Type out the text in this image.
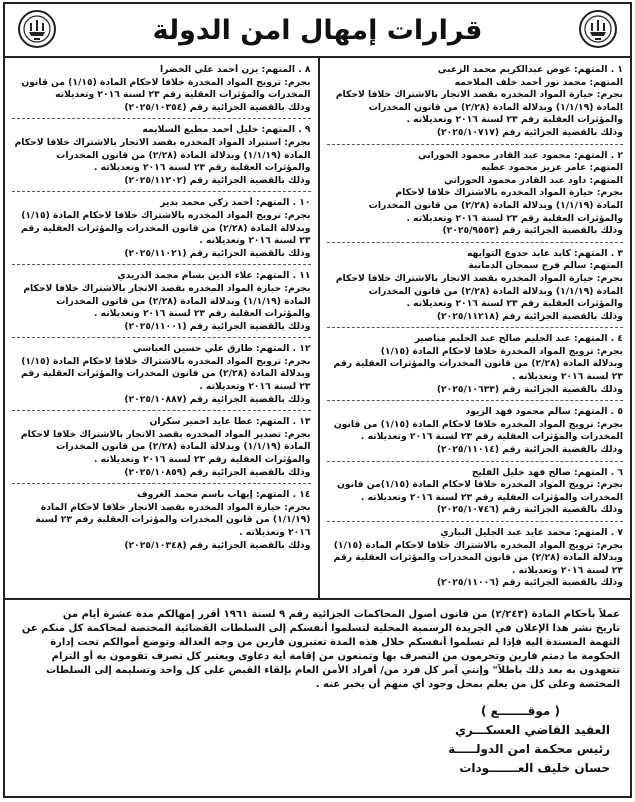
قرارات إمهال امن الدولة
١ . المتهم: عوض عبدالكريم محمد الزعبي
المتهم: محمد نور أحمد خلف الملاحمه
بجرم: حيازة المواد المخدره بقصد الاتجار بالاشتراك خلافا لاحكام
المادة (١/١/١٩) وبدلالة المادة (٢/٢٨) من قانون المخدرات
والمؤثرات العقلية رقم ٢٣ لسنة ٢٠١٦ وتعديلاته .
وذلك بالقضية الجزائية رقم (٢٠٢٥/١٠٧١٧)
٢ . المتهم: محمود عبد القادر محمود الحوراني
المتهم: عامر عزيز محمود عطيه
المتهم: داود عبد القادر محمود الحوراني
بجرم: حيازة المواد المخدره بالاشتراك خلافا لاحكام
المادة (١/١/١٩) وبدلالة المادة (٢/٢٨) من قانون المخدرات
والمؤثرات العقلية رقم ٢٣ لسنة ٢٠١٦ وتعديلاته .
وذلك بالقضية الجزائية رقم (٢٠٢٥/٩٥٥٣)
٣ . المتهم: كايد عايد جدوع التوايهه
المتهم: سالم فرج سمحان الدمانية
بجرم: حيازة المواد المخدره بقصد الاتجار بالاشتراك خلافا لاحكام
المادة (١/١/١٩) وبدلالة المادة (٢/٢٨) من قانون المخدرات
والمؤثرات العقلية رقم ٢٣ لسنة ٢٠١٦ وتعديلاته .
وذلك بالقضية الجزائية رقم (٢٠٢٥/١١٢١٨)
٤ . المتهم: عبد الحليم صالح عبد الحليم مناصير
بجرم: ترويج المواد المخدرة خلافا لاحكام المادة (١/١٥)
وبدلالة المادة (٢/٢٨) من قانون المخدرات والمؤثرات العقلية رقم
٢٣ لسنة ٢٠١٦ وتعديلاته .
وذلك بالقضية الجزائية رقم (٢٠٢٥/١٠٦٣٣)
٥ . المتهم: سالم محمود فهد الزيود
بجرم: ترويج المواد المخدره خلافا لاحكام المادة (١/١٥) من قانون
المخدرات والمؤثرات العقلية رقم ٢٣ لسنة ٢٠١٦ وتعديلاته .
وذلك بالقضية الجزائية رقم (٢٠٢٥/١١٠١٤)
٦ . المتهم: صالح فهد خليل الفليح
بجرم: ترويج المواد المخدره خلافا لاحكام المادة (١/١٥)من قانون
المخدرات والمؤثرات العقلية رقم ٢٣ لسنة ٢٠١٦ وتعديلاته .
وذلك بالقضية الجزائية رقم (٢٠٢٥/١٠٧٤٦)
٧ . المتهم: محمد عايد عبد الجليل البياري
بجرم: ترويج المواد المخدره بالاشتراك خلافا لاحكام المادة (١/١٥)
وبدلالة المادة (٢/٢٨) من قانون المخدرات والمؤثرات العقلية رقم
٢٣ لسنة ٢٠١٦ وتعديلاته .
وذلك بالقضية الجزائية رقم (٢٠٢٥/١١٠٠٦)
٨ . المتهم: يزن أحمد علي الخضرا
بجرم: ترويج المواد المخدرة خلافا لاحكام المادة (١/١٥) من قانون
المخدرات والمؤثرات العقلية رقم ٢٣ لسنة ٢٠١٦ وتعديلاته
وذلك بالقضية الجزائية رقم (٢٠٢٥/١٠٣٥٤)
٩ . المتهم: خليل أحمد مطيع السلايمه
بجرم: استيراد المواد المخدره بقصد الاتجار بالاشتراك خلافا لاحكام
المادة (١/١/١٩) وبدلالة المادة (٢/٢٨) من قانون المخدرات
والمؤثرات العقلية رقم ٢٣ لسنة ٢٠١٦ وتعديلاته .
وذلك بالقضية الجزائية رقم (٢٠٢٥/١١٢٠٢)
١٠ . المتهم: أحمد زكي محمد بدير
بجرم: ترويج المواد المخدره بالاشتراك خلافا لاحكام المادة (١/١٥)
وبدلالة المادة (٢/٢٨) من قانون المخدرات والمؤثرات العقلية رقم
٢٣ لسنة ٢٠١٦ وتعديلاته .
وذلك بالقضية الجزائية رقم (٢٠٢٥/١١٠٢١)
١١ . المتهم: علاء الدين بسام محمد الدريدي
بجرم: حيازة المواد المخدره بقصد الاتجار بالاشتراك خلافا لاحكام
المادة (١/١/١٩) وبدلالة المادة (٢/٢٨) من قانون المخدرات
والمؤثرات العقلية رقم ٢٣ لسنة ٢٠١٦ وتعديلاته .
وذلك بالقضية الجزائية رقم (٢٠٢٥/١١٠٠١)
١٢ . المتهم: طارق علي حسين العباسي
بجرم: ترويج المواد المخدره بالاشتراك خلافا لاحكام المادة (١/١٥)
وبدلالة المادة (٢/٢٨) من قانون المخدرات والمؤثرات العقلية رقم
٢٣ لسنة ٢٠١٦ وتعديلاته .
وذلك بالقضية الجزائية رقم (٢٠٢٥/١٠٨٨٧)
١٣ . المتهم: عطا عايد احمير سكران
بجرم: تصدير المواد المخدره بقصد الاتجار بالاشتراك خلافا لاحكام
المادة (١/١/١٩) وبدلالة المادة (٢/٢٨) من قانون المخدرات
والمؤثرات العقلية رقم ٢٣ لسنة ٢٠١٦ وتعديلاته .
وذلك بالقضية الجزائية رقم (٢٠٢٥/١٠٨٥٩)
١٤ . المتهم: إيهاب باسم محمد الغروف
بجرم: حيازة المواد المخدره بقصد الاتجار خلافا لاحكام المادة
(١/١/١٩) من قانون المخدرات والمؤثرات العقلية رقم ٢٣ لسنة
٢٠١٦ وتعديلاته .
وذلك بالقضية الجزائية رقم (٢٠٢٥/١٠٣٤٨)
عملاً بأحكام المادة (٢/٢٤٣) من قانون أصول المحاكمات الجزائية رقم ٩ لسنة ١٩٦١ أقرر إمهالكم مدة عشرة أيام من
تاريخ نشر هذا الإعلان في الجريدة الرسمية المحلية لتسلموا أنفسكم إلى السلطات القضائية المختصة لمحاكمة كل منكم عن
التهمة المسندة اليه فإذا لم تسلموا أنفسكم خلال هذه المدة تعتبرون فارين من وجه العدالة وتوضع أموالكم تحت إدارة
الحكومة ما دمتم فارين وتحرمون من التصرف بها وتمنعون من إقامة أية دعاوى ويعتبر كل تصرف تقومون به أو التزام
تتعهدون به بعد ذلك باطلاً" وإنني آمر كل فرد من/ أفراد الأمن العام بإلقاء القبض على كل واحد وتسليمه إلى السلطات
المختصة وعلى كل من يعلم بمحل وجود أي منهم أن يخبر عنه .
( موقـــــــع )
العقيد القاضي العسكـــري
رئيس محكمة امن الدولـــــة
حسان خليف العـــــــودات
